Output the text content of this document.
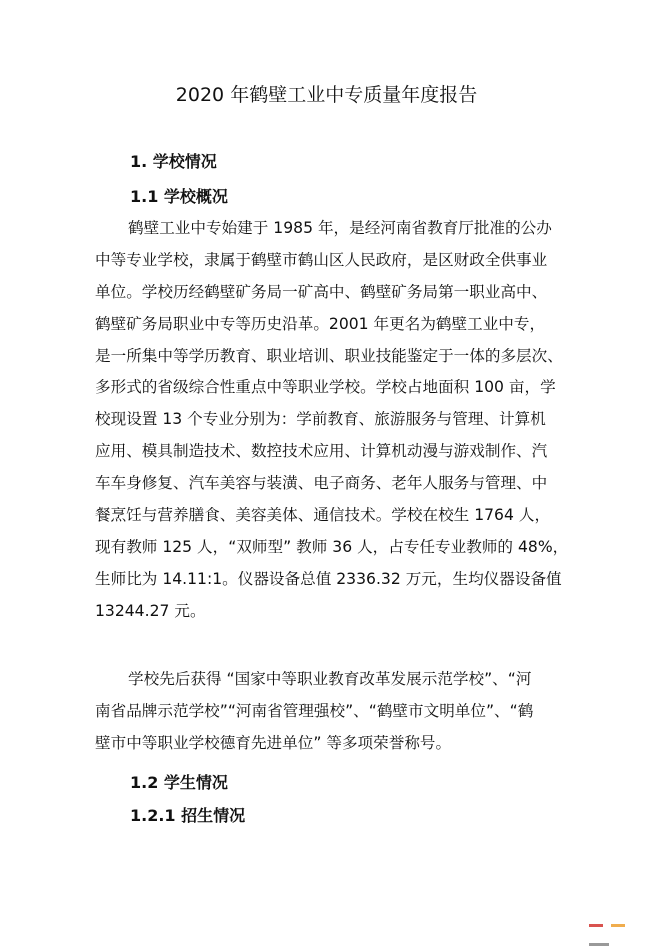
2020 年鹤壁工业中专质量年度报告
1. 学校情况
1.1 学校概况
鹤壁工业中专始建于 1985 年，是经河南省教育厅批准的公办
中等专业学校，隶属于鹤壁市鹤山区人民政府，是区财政全供事业
单位。学校历经鹤壁矿务局一矿高中、鹤壁矿务局第一职业高中、
鹤壁矿务局职业中专等历史沿革。2001 年更名为鹤壁工业中专，
是一所集中等学历教育、职业培训、职业技能鉴定于一体的多层次、
多形式的省级综合性重点中等职业学校。学校占地面积 100 亩，学
校现设置 13 个专业分别为：学前教育、旅游服务与管理、计算机
应用、模具制造技术、数控技术应用、计算机动漫与游戏制作、汽
车车身修复、汽车美容与装潢、电子商务、老年人服务与管理、中
餐烹饪与营养膳食、美容美体、通信技术。学校在校生 1764 人，
现有教师 125 人，“双师型” 教师 36 人，占专任专业教师的 48%，
生师比为 14.11:1。仪器设备总值 2336.32 万元，生均仪器设备值
13244.27 元。
学校先后获得 “国家中等职业教育改革发展示范学校”、“河
南省品牌示范学校”“河南省管理强校”、“鹤壁市文明单位”、“鹤
壁市中等职业学校德育先进单位” 等多项荣誉称号。
1.2 学生情况
1.2.1 招生情况
